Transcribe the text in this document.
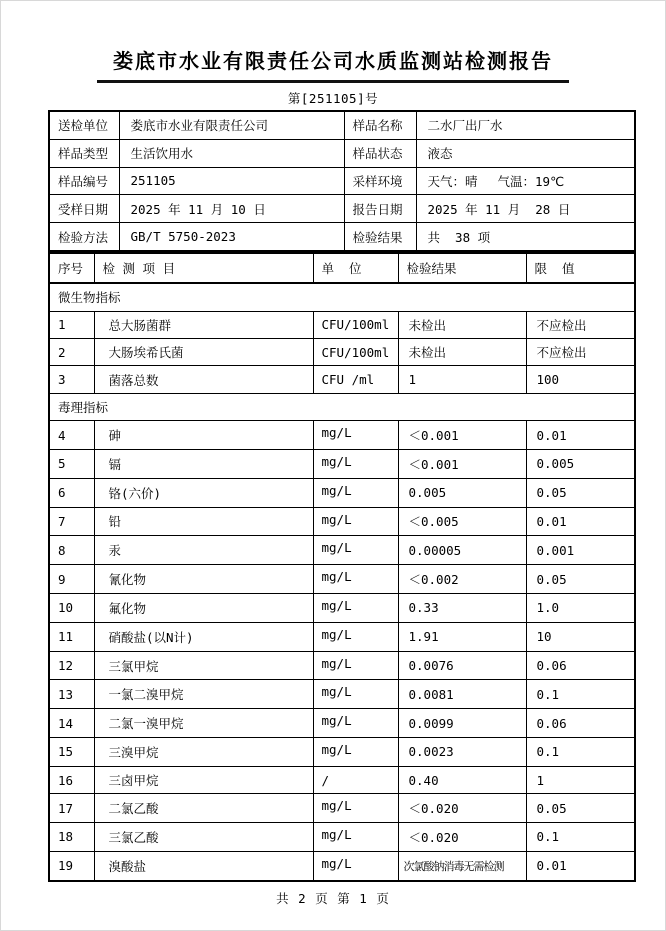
娄底市水业有限责任公司水质监测站检测报告
第[251105]号
送检单位	娄底市水业有限责任公司	样品名称	二水厂出厂水
样品类型	生活饮用水	样品状态	液态
样品编号	251105	采样环境	天气：晴　 气温：19℃
受样日期	2025 年 11 月 10 日	报告日期	2025 年 11 月  28 日
检验方法	GB/T 5750-2023	检验结果	共  38 项
序号	检 测 项 目	单  位	检验结果	限  值
微生物指标				
1	总大肠菌群	CFU/100ml	未检出	不应检出
2	大肠埃希氏菌	CFU/100ml	未检出	不应检出
3	菌落总数	CFU /ml	1	100
毒理指标				
4	砷	mg/L	＜0.001	0.01
5	镉	mg/L	＜0.001	0.005
6	铬(六价)	mg/L	0.005	0.05
7	铅	mg/L	＜0.005	0.01
8	汞	mg/L	0.00005	0.001
9	氰化物	mg/L	＜0.002	0.05
10	氟化物	mg/L	0.33	1.0
11	硝酸盐(以N计)	mg/L	1.91	10
12	三氯甲烷	mg/L	0.0076	0.06
13	一氯二溴甲烷	mg/L	0.0081	0.1
14	二氯一溴甲烷	mg/L	0.0099	0.06
15	三溴甲烷	mg/L	0.0023	0.1
16	三卤甲烷	/	0.40	1
17	二氯乙酸	mg/L	＜0.020	0.05
18	三氯乙酸	mg/L	＜0.020	0.1
19	溴酸盐	mg/L	次氯酸钠消毒无需检测	0.01
共 2 页 第 1 页
